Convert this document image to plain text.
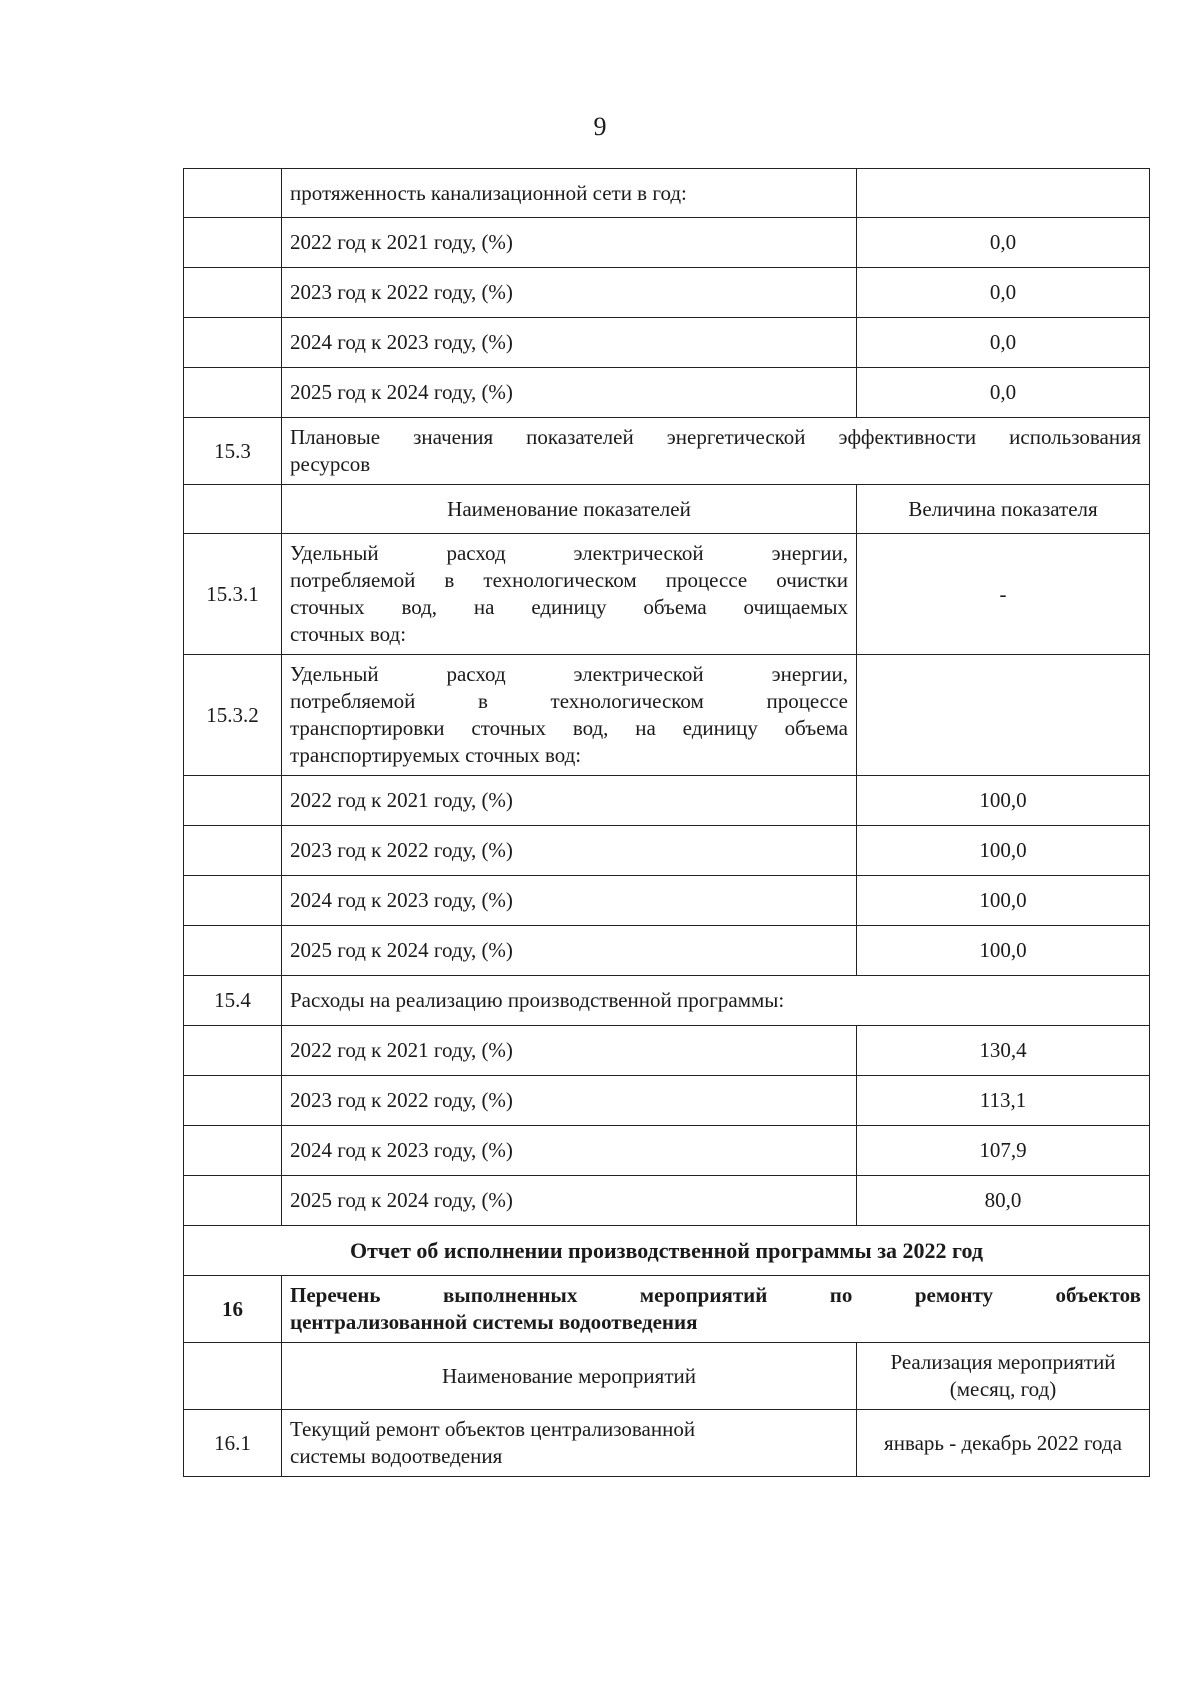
9
	протяженность канализационной сети в год:	
	2022 год к 2021 году, (%)	0,0
	2023 год к 2022 году, (%)	0,0
	2024 год к 2023 году, (%)	0,0
	2025 год к 2024 году, (%)	0,0
15.3	Плановые значения показателей энергетической эффективности использования
ресурсов	

	Наименование показателей	Величина показателя
15.3.1	Удельный расход электрической энергии,
потребляемой в технологическом процессе очистки
сточных вод, на единицу объема очищаемых
сточных вод:	-
15.3.2	Удельный расход электрической энергии,
потребляемой в технологическом процессе
транспортировки сточных вод, на единицу объема
транспортируемых сточных вод:	

	2022 год к 2021 году, (%)	100,0
	2023 год к 2022 году, (%)	100,0
	2024 год к 2023 году, (%)	100,0
	2025 год к 2024 году, (%)	100,0
15.4	Расходы на реализацию производственной программы:	
	2022 год к 2021 году, (%)	130,4
	2023 год к 2022 году, (%)	113,1
	2024 год к 2023 году, (%)	107,9
	2025 год к 2024 году, (%)	80,0
Отчет об исполнении производственной программы за 2022 год		
16	Перечень выполненных мероприятий по ремонту объектов
централизованной системы водоотведения	

	Наименование мероприятий	Реализация мероприятий
(месяц, год)

16.1	Текущий ремонт объектов централизованной
системы водоотведения	январь - декабрь 2022 года
